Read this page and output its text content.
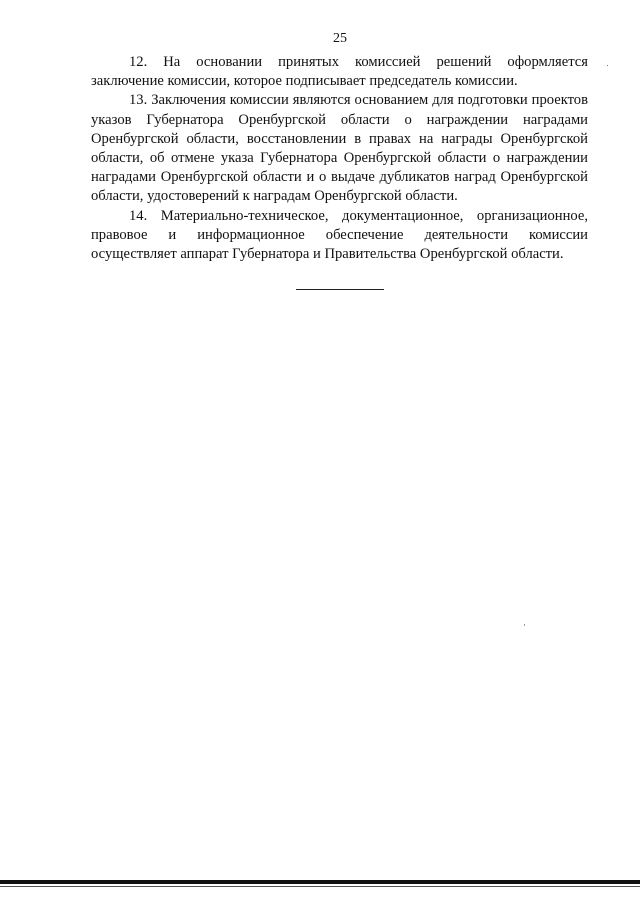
25

12. На основании принятых комиссией решений оформляется заключение комиссии, которое подписывает председатель комиссии.

13. Заключения комиссии являются основанием для подготовки проектов указов Губернатора Оренбургской области о награждении наградами Оренбургской области, восстановлении в правах на награды Оренбургской области, об отмене указа Губернатора Оренбургской области о награждении наградами Оренбургской области и о выдаче дубликатов наград Оренбургской области, удостоверений к наградам Оренбургской области.

14. Материально-техническое, документационное, организационное, правовое и информационное обеспечение деятельности комиссии осуществляет аппарат Губернатора и Правительства Оренбургской области.
